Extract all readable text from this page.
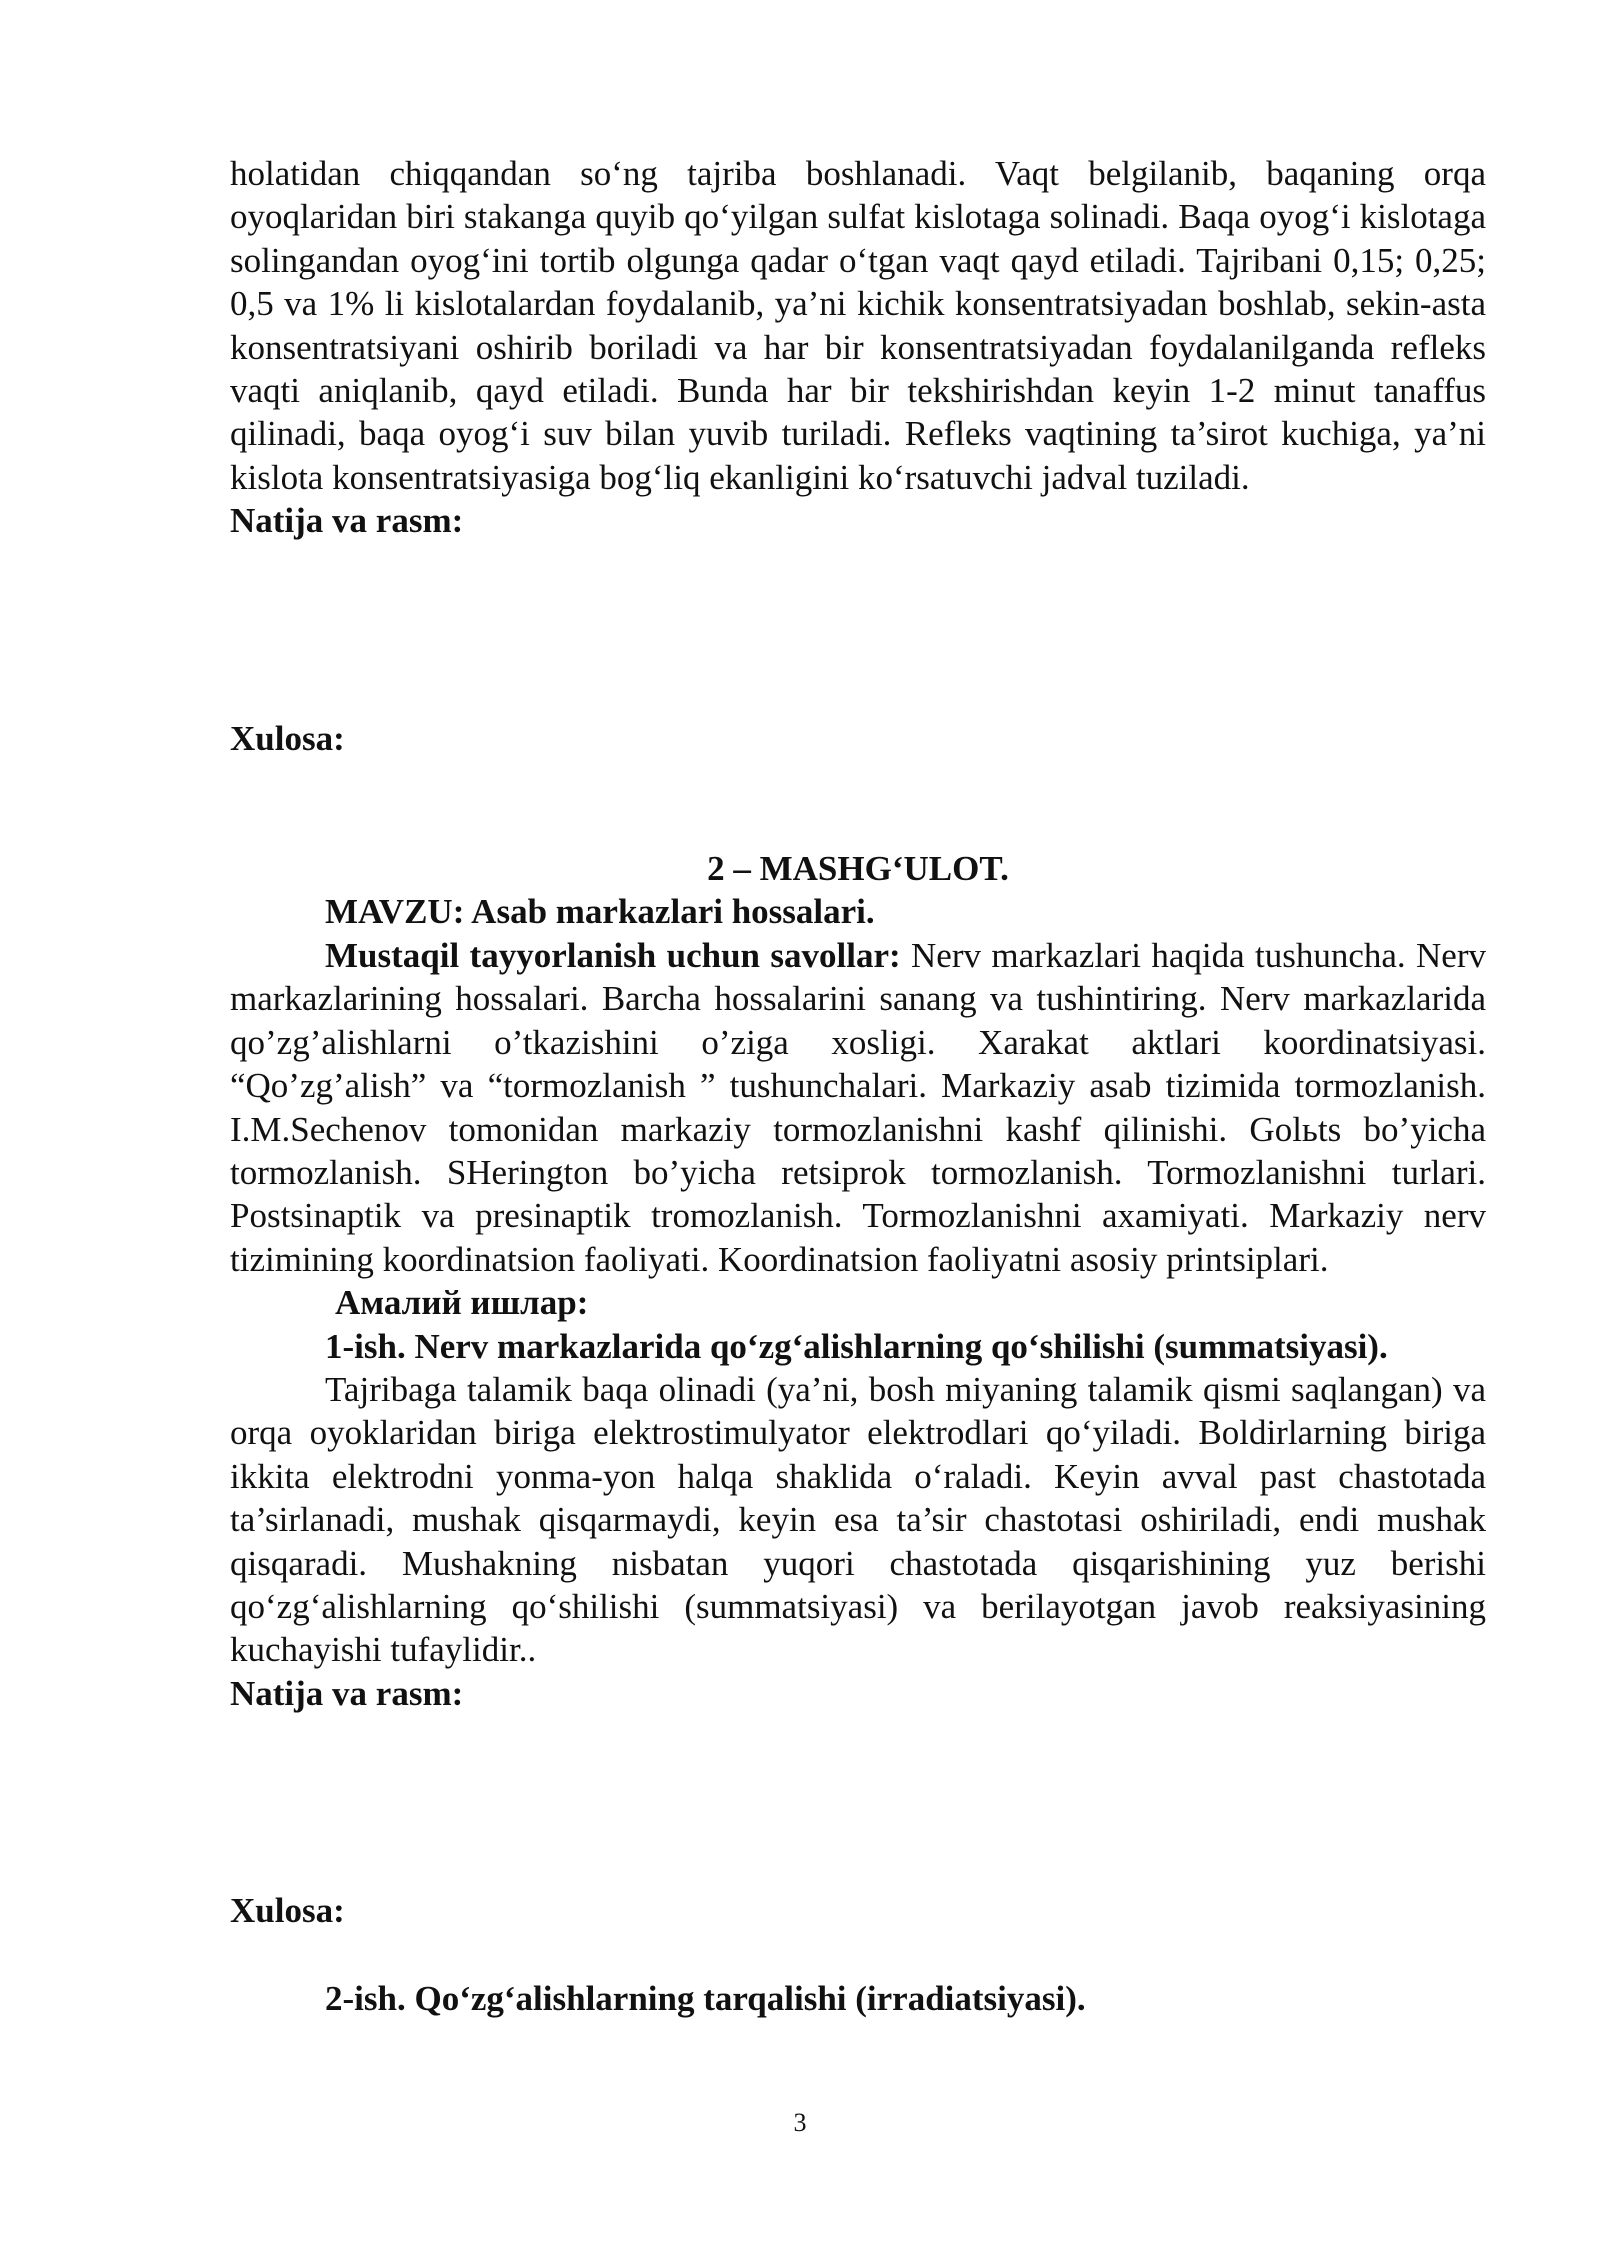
holatidan chiqqandan so‘ng tajriba boshlanadi. Vaqt belgilanib, baqaning orqa oyoqlaridan biri stakanga quyib qo‘yilgan sulfat kislotaga solinadi. Baqa oyog‘i kislotaga solingandan oyog‘ini tortib olgunga qadar o‘tgan vaqt qayd etiladi. Tajribani 0,15; 0,25; 0,5 va 1% li kislotalardan foydalanib, ya’ni kichik konsentratsiyadan boshlab, sekin-asta konsentratsiyani oshirib boriladi va har bir konsentratsiyadan foydalanilganda refleks vaqti aniqlanib, qayd etiladi. Bunda har bir tekshirishdan keyin 1-2 minut tanaffus qilinadi, baqa oyog‘i suv bilan yuvib turiladi. Refleks vaqtining ta’sirot kuchiga, ya’ni kislota konsentratsiyasiga bog‘liq ekanligini ko‘rsatuvchi jadval tuziladi.

Natija va rasm:

Xulosa:

2 – MASHG‘ULOT.

MAVZU: Asab markazlari hossalari.

Mustaqil tayyorlanish uchun savollar: Nerv markazlari haqida tushuncha. Nerv markazlarining hossalari. Barcha hossalarini sanang va tushintiring. Nerv markazlarida qo’zg’alishlarni o’tkazishini o’ziga xosligi. Xarakat aktlari koordinatsiyasi. “Qo’zg’alish” va “tormozlanish ” tushunchalari. Markaziy asab tizimida tormozlanish. I.M.Sechenov tomonidan markaziy tormozlanishni kashf qilinishi. Golьts bo’yicha tormozlanish. SHerington bo’yicha retsiprok tormozlanish. Tormozlanishni turlari. Postsinaptik va presinaptik tromozlanish. Tormozlanishni axamiyati. Markaziy nerv tizimining koordinatsion faoliyati. Koordinatsion faoliyatni asosiy printsiplari.

Амалий ишлар:

1-ish. Nerv markazlarida qo‘zg‘alishlarning qo‘shilishi (summatsiyasi).

Tajribaga talamik baqa olinadi (ya’ni, bosh miyaning talamik qismi saqlangan) va orqa oyoklaridan biriga elektrostimulyator elektrodlari qo‘yiladi. Boldirlarning biriga ikkita elektrodni yonma-yon halqa shaklida o‘raladi. Keyin avval past chastotada ta’sirlanadi, mushak qisqarmaydi, keyin esa ta’sir chastotasi oshiriladi, endi mushak qisqaradi. Mushakning nisbatan yuqori chastotada qisqarishining yuz berishi qo‘zg‘alishlarning qo‘shilishi (summatsiyasi) va berilayotgan javob reaksiyasining kuchayishi tufaylidir..

Natija va rasm:

Xulosa:

2-ish. Qo‘zg‘alishlarning tarqalishi (irradiatsiyasi).

3
